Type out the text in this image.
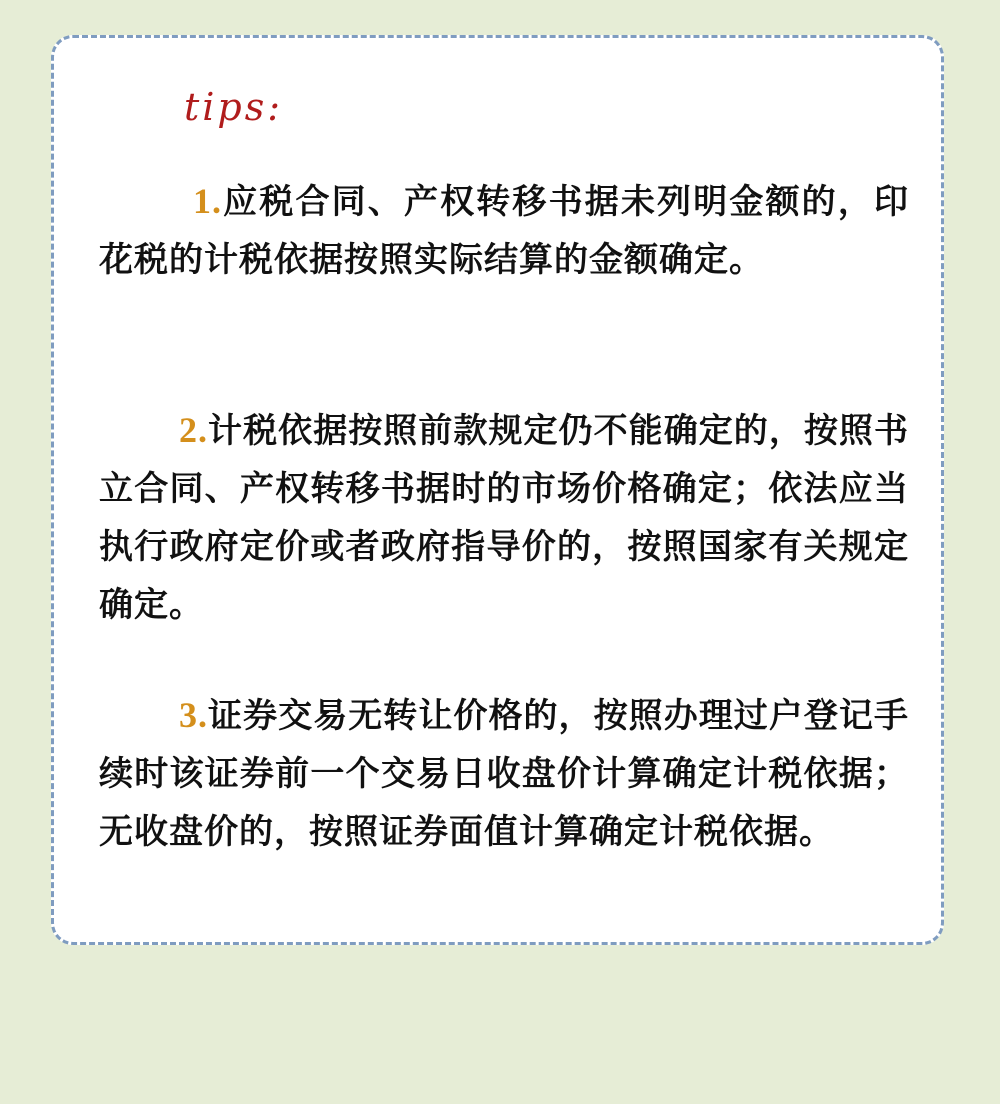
tips:
1.应税合同、产权转移书据未列明金额的，印花税的计税依据按照实际结算的金额确定。
2.计税依据按照前款规定仍不能确定的，按照书立合同、产权转移书据时的市场价格确定；依法应当执行政府定价或者政府指导价的，按照国家有关规定确定。
3.证券交易无转让价格的，按照办理过户登记手续时该证券前一个交易日收盘价计算确定计税依据；无收盘价的，按照证券面值计算确定计税依据。
